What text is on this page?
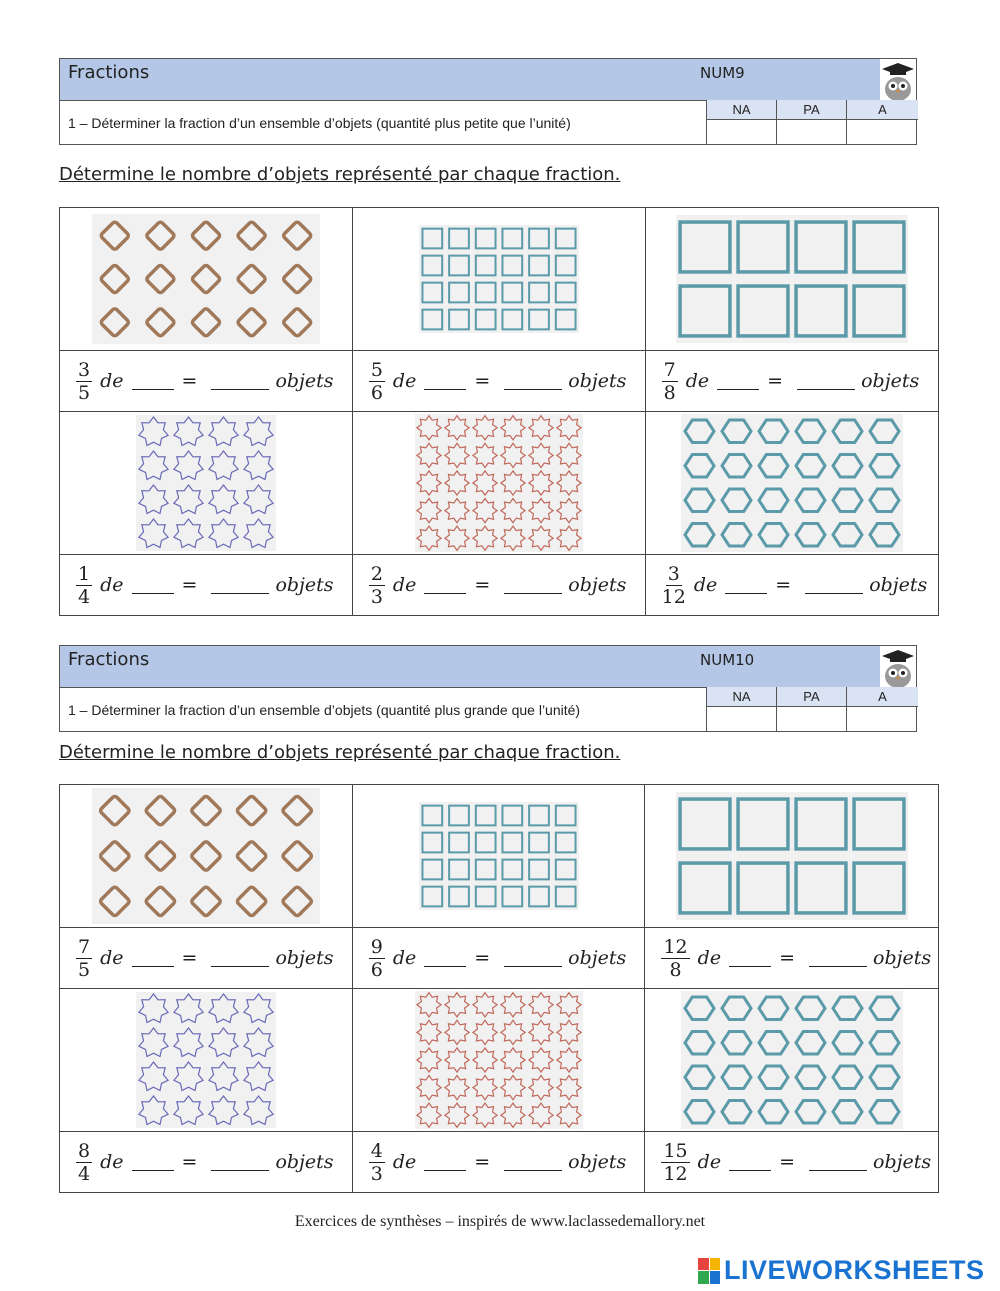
Fractions	NUM9
1 – Déterminer la fraction d’un ensemble d’objets (quantité plus petite que l’unité)
NA	PA	A
Détermine le nombre d’objets représenté par chaque fraction.

$\frac{3}{5}$ de = objets	$\frac{5}{6}$ de = objets	$\frac{7}{8}$ de = objets

$\frac{1}{4}$ de = objets	$\frac{2}{3}$ de = objets	$\frac{3}{12}$ de = objets
Fractions	NUM10
1 – Déterminer la fraction d’un ensemble d’objets (quantité plus grande que l’unité)
NA	PA	A
Détermine le nombre d’objets représenté par chaque fraction.

$\frac{7}{5}$ de = objets	$\frac{9}{6}$ de = objets	$\frac{12}{8}$ de = objets

$\frac{8}{4}$ de = objets	$\frac{4}{3}$ de = objets	$\frac{15}{12}$ de = objets
Exercices de synthèses – inspirés de www.laclassedemallory.net
LIVEWORKSHEETS
